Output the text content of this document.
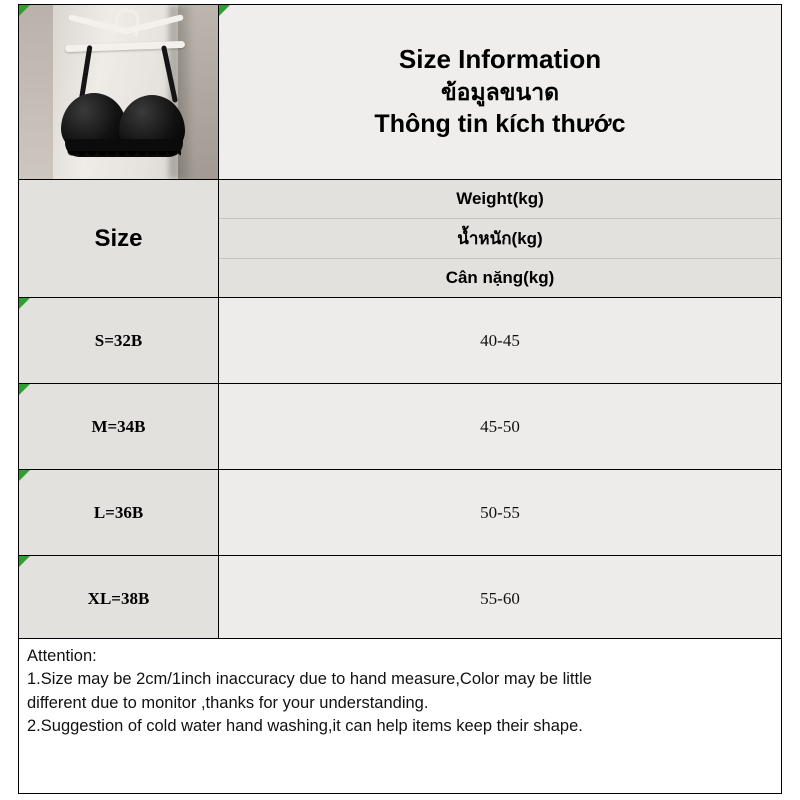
Size Information
ข้อมูลขนาด
Thông tin kích thước
Size
Weight(kg)
น้ำหนัก(kg)
Cân nặng(kg)
S=32B	40-45
M=34B	45-50
L=36B	50-55
XL=38B	55-60

Attention:

1.Size may be 2cm/1inch inaccuracy due to hand measure,Color may be little

different due to monitor ,thanks for your understanding.

2.Suggestion of cold water hand washing,it can help items keep their shape.
